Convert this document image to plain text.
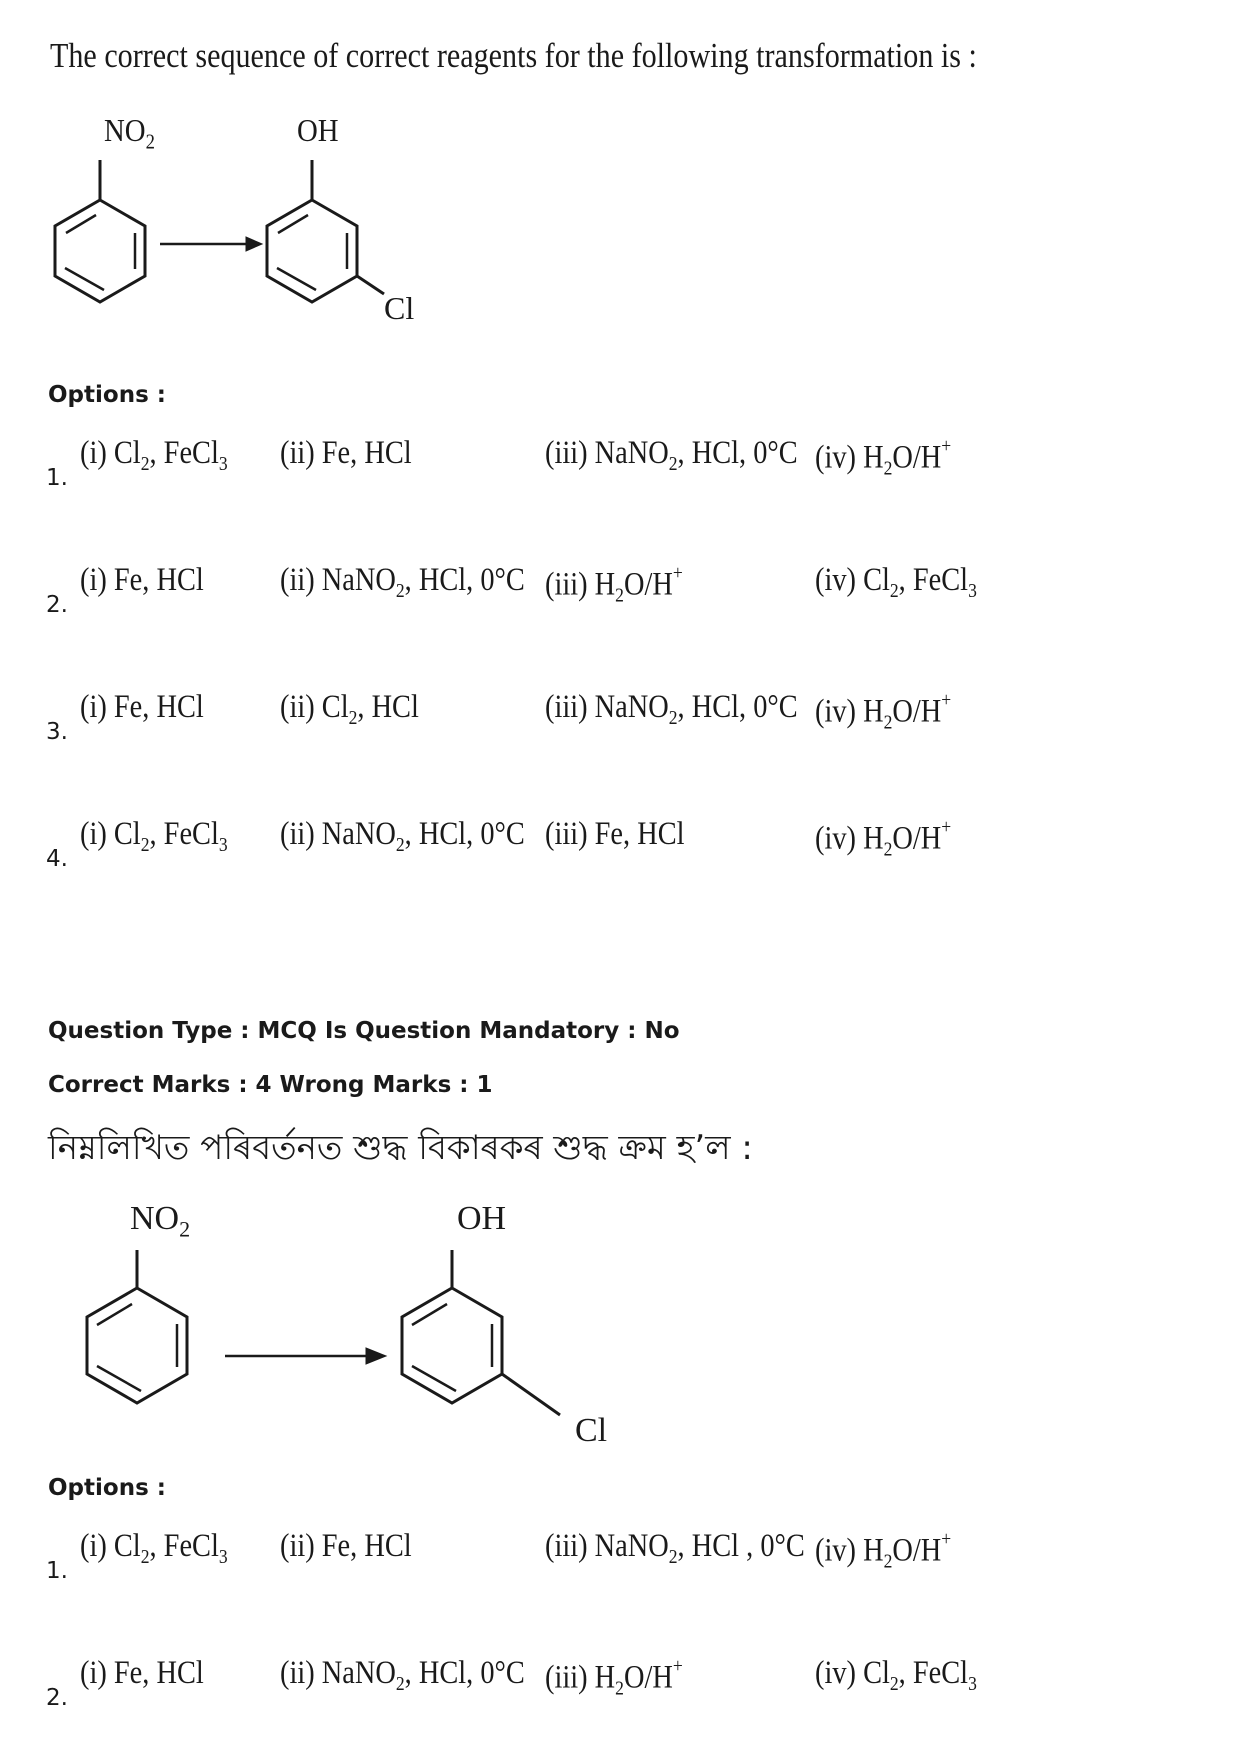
The correct sequence of correct reagents for the following transformation is :
$NO_2$	OH
Cl
Options :
1.
(i) $Cl_2$, FeCl$_3$ (ii) Fe, HCl	(iii) NaNO$_2$, HCl, 0°C (iv) $H_2O/H^+$
2.
(i) Fe, HCl (ii) NaNO$_2$, HCl, 0°C (iii) $H_2O/H^+$	(iv) $Cl_2$, FeCl$_3$
3.
(i) Fe, HCl (ii) $Cl_2$, HCl	(iii) NaNO$_2$, HCl, 0°C (iv) $H_2O/H^+$
4.
(i) $Cl_2$, FeCl$_3$ (ii) NaNO$_2$, HCl, 0°C (iii) Fe, HCl	(iv) $H_2O/H^+$
Question Type : MCQ Is Question Mandatory : No
Correct Marks : 4 Wrong Marks : 1
নিম্নলিখিত পৰিবৰ্তনত শুদ্ধ বিকাৰকৰ শুদ্ধ ক্ৰম হ’ল :
$NO_2$	OH
Cl
Options :
1.
(i) $Cl_2$, FeCl$_3$ (ii) Fe, HCl	(iii) NaNO$_2$, HCl , 0°C (iv) $H_2O/H^+$
2.
(i) Fe, HCl (ii) NaNO$_2$, HCl, 0°C (iii) $H_2O/H^+$	(iv) $Cl_2$, FeCl$_3$
